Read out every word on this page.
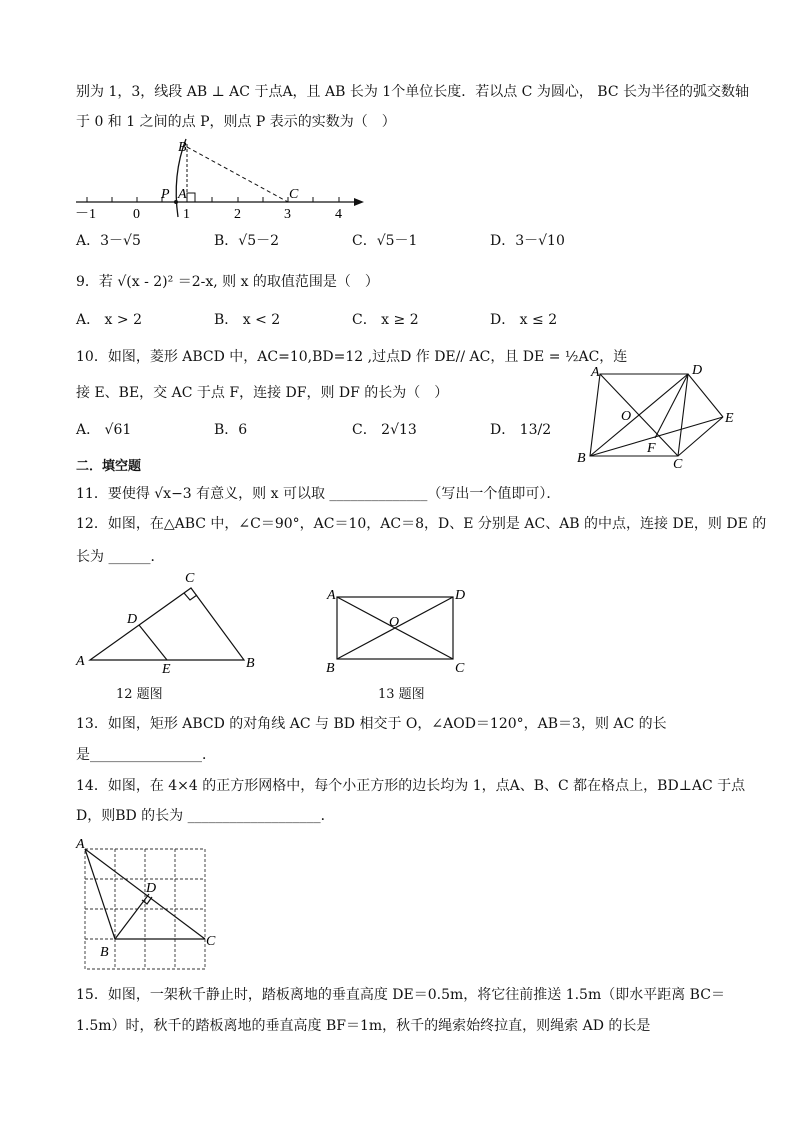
别为 1，3，线段 AB ⊥ AC 于点A，且 AB 长为 1个单位长度．若以点 C 为圆心， BC 长为半径的弧交数轴
于 0 和 1 之间的点 P，则点 P 表示的实数为（　）
B
P A	C
－1	0	1	2	3	4
A．3－√5	B．√5－2	C．√5－1	D．3－√10
9．若 √(x - 2)² ＝2-x, 则 x 的取值范围是（　）
A． x > 2	B． x < 2	C． x ≥ 2	D． x ≤ 2
10．如图，菱形 ABCD 中，AC=10,BD=12 ,过点D 作 DE// AC，且 DE = ½AC，连
接 E、BE，交 AC 于点 F，连接 DF，则 DF 的长为（　）
A． √61	B．6	C． 2√13	D． 13/2
A	D
O	E
F
B	C
二．填空题
11．要使得 √x−3 有意义，则 x 可以取 ______________（写出一个值即可）．
12．如图，在△ABC 中，∠C＝90°，AC＝10，AC＝8，D、E 分别是 AC、AB 的中点，连接 DE，则 DE 的
长为 ______．
C
D
A
E	B
12 题图
A	D
O
B	C
13 题图
13．如图，矩形 ABCD 的对角线 AC 与 BD 相交于 O，∠AOD＝120°，AB＝3，则 AC 的长
是________________．
14．如图，在 4×4 的正方形网格中，每个小正方形的边长均为 1，点A、B、C 都在格点上，BD⊥AC 于点
D，则BD 的长为 ___________________．
A
D
B
C
15．如图，一架秋千静止时，踏板离地的垂直高度 DE＝0.5m，将它往前推送 1.5m（即水平距离 BC＝
1.5m）时，秋千的踏板离地的垂直高度 BF＝1m，秋千的绳索始终拉直，则绳索 AD 的长是
